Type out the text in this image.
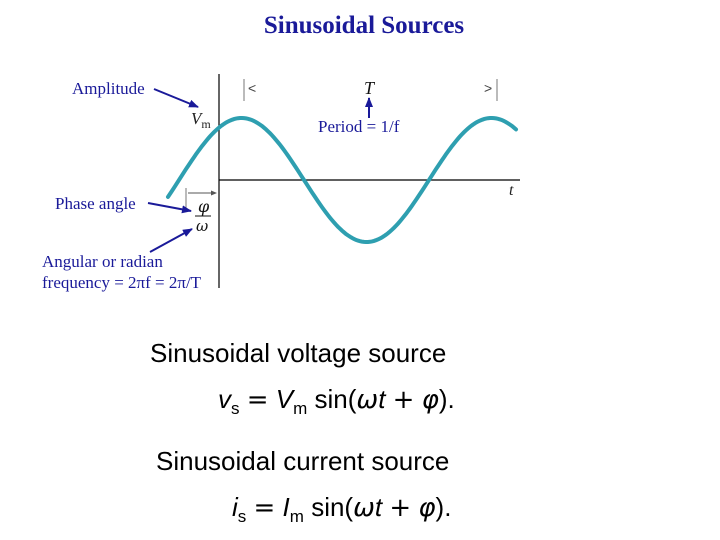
<	>
T
$V_m$
t
φ
ω
Sinusoidal Sources
Amplitude
Period = 1/f
Phase angle
Angular or radian
frequency = 2πf = 2π/T
Sinusoidal voltage source
$v_s = V_m$ sin(ωt + φ).
Sinusoidal current source
$i_s = I_m$ sin(ωt + φ).
